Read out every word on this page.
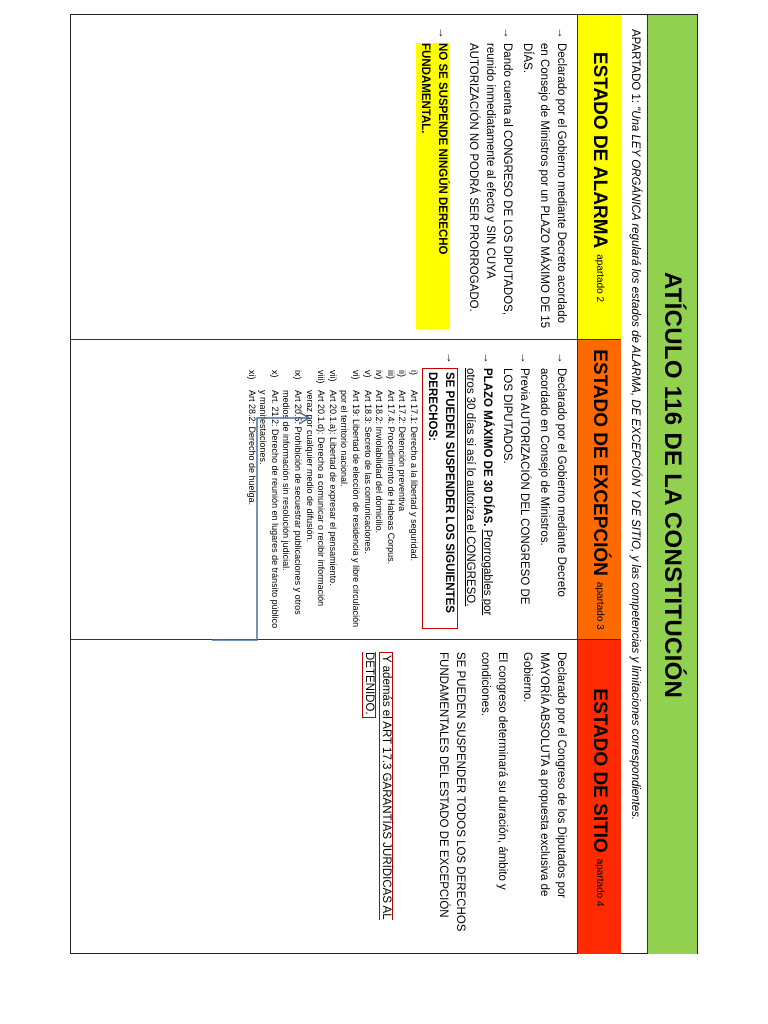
ATÍCULO 116 DE LA CONSTITUCIÓN
APARTADO 1:
"Una LEY ORGÁNICA regulará los estados de ALARMA, DE EXCEPCIÓN Y DE SITIO, y las competencias y limitaciones correspondientes.
ESTADO DE ALARMA
apartado 2
→
Declarado por el Gobierno mediante Decreto acordado en Consejo de Ministros por un PLAZO MÁXIMO DE 15 DÍAS.
→
Dando cuenta al CONGRESO DE LOS DIPUTADOS, reunido inmediatamente al efecto y SIN CUYA AUTORIZACIÓN NO PODRÁ SER PRORROGADO.
→
NO SE SUSPENDE NINGÚN DERECHO FUNDAMENTAL.
ESTADO DE EXCEPCIÓN
apartado 3
→
Declarado por el Gobierno mediante Decreto acordado en Consejo de Ministros.
→
Previa AUTORIZACIÓN DEL CONGRESO DE LOS DIPUTADOS.
→
PLAZO MÁXIMO DE 30 DÍAS. Prorrogables por otros 30 días si así lo autoriza el CONGRESO.
→
SE PUEDEN SUSPENDER LOS SIGUIENTES DERECHOS:
i)
Art 17.1: Derecho a la libertad y seguridad.
ii)
Art 17.2: Detención preventiva
iii)
Art 17.4: Procedimiento de Habeas Corpus.
iv)
Art 18.2: Inviolabilidad del domicilio.
v)
Art 18.3: Secreto de las comunicaciones.
vi)
Art 19: Libertad de elección de residencia y libre circulación por el territorio nacional.
vii)
Art 20.1.a): Libertad de expresar el pensamiento.
viii)
Art 20.1.d): Derecho a comunicar o recibir información veraz por cualquier medio de difusión.
ix)
Art 20.5: Prohibición de secuestrar publicaciones y otros medios de información sin resolución judicial.
x)
Art. 21.2: Derecho de reunión en lugares de tránsito público y manifestaciones.
xi)
Art 28.2: Derecho de huelga.
ESTADO DE SITIO
apartado 4
Declarado por el Congreso de los Diputados por MAYORÍA ABSOLUTA a propuesta exclusiva de Gobierno.
El congreso determinará su duración, ámbito y condiciones.
SE PUEDEN SUSPENDER TODOS LOS DERECHOS FUNDAMENTALES DEL ESTADO DE EXCEPCIÓN
Y además el ART 17.3 GARANTÍAS JURÍDICAS AL DETENIDO.
